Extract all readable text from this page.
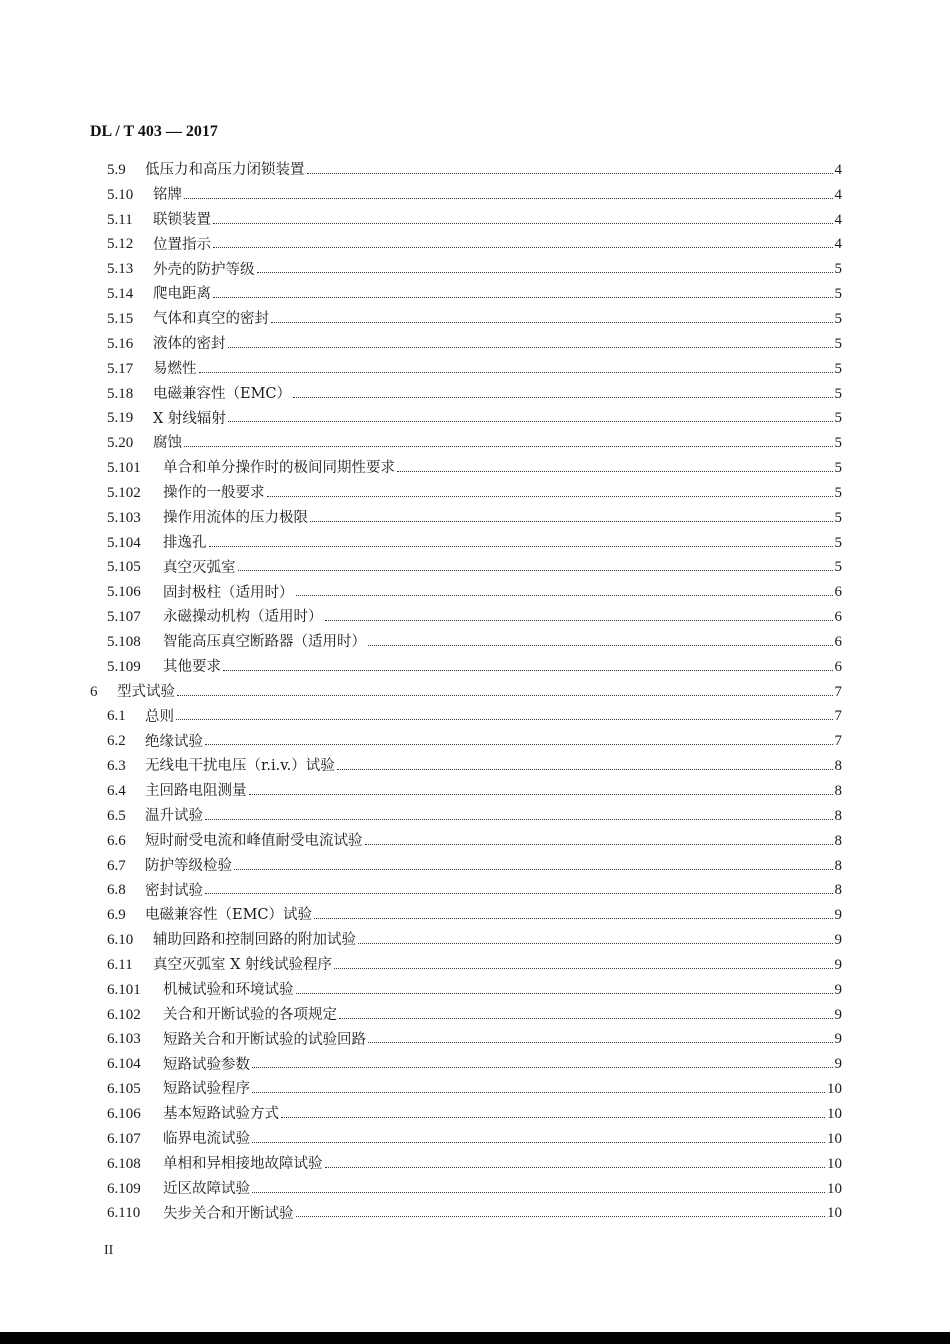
DL / T 403 — 2017
5.9	低压力和高压力闭锁装置	4
5.10	铭牌	4
5.11	联锁装置	4
5.12	位置指示	4
5.13	外壳的防护等级	5
5.14	爬电距离	5
5.15	气体和真空的密封	5
5.16	液体的密封	5
5.17	易燃性	5
5.18	电磁兼容性（EMC）	5
5.19	X 射线辐射	5
5.20	腐蚀	5
5.101	单合和单分操作时的极间同期性要求	5
5.102	操作的一般要求	5
5.103	操作用流体的压力极限	5
5.104	排逸孔	5
5.105	真空灭弧室	5
5.106	固封极柱（适用时）	6
5.107	永磁操动机构（适用时）	6
5.108	智能高压真空断路器（适用时）	6
5.109	其他要求	6
6	型式试验	7
6.1	总则	7
6.2	绝缘试验	7
6.3	无线电干扰电压（r.i.v.）试验	8
6.4	主回路电阻测量	8
6.5	温升试验	8
6.6	短时耐受电流和峰值耐受电流试验	8
6.7	防护等级检验	8
6.8	密封试验	8
6.9	电磁兼容性（EMC）试验	9
6.10	辅助回路和控制回路的附加试验	9
6.11	真空灭弧室 X 射线试验程序	9
6.101	机械试验和环境试验	9
6.102	关合和开断试验的各项规定	9
6.103	短路关合和开断试验的试验回路	9
6.104	短路试验参数	9
6.105	短路试验程序	10
6.106	基本短路试验方式	10
6.107	临界电流试验	10
6.108	单相和异相接地故障试验	10
6.109	近区故障试验	10
6.110	失步关合和开断试验	10
II
